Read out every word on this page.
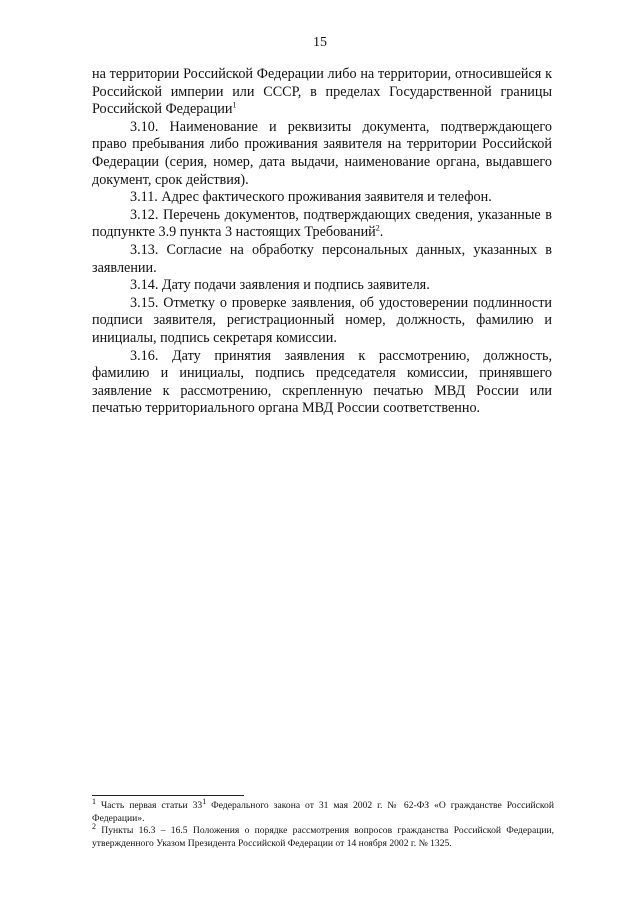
15

на территории Российской Федерации либо на территории, относившейся к Российской империи или СССР, в пределах Государственной границы Российской Федерации$^1$

3.10. Наименование и реквизиты документа, подтверждающего право пребывания либо проживания заявителя на территории Российской Федерации (серия, номер, дата выдачи, наименование органа, выдавшего документ, срок действия).

3.11. Адрес фактического проживания заявителя и телефон.

3.12. Перечень документов, подтверждающих сведения, указанные в подпункте 3.9 пункта 3 настоящих Требований$^2$.

3.13. Согласие на обработку персональных данных, указанных в заявлении.

3.14. Дату подачи заявления и подпись заявителя.

3.15. Отметку о проверке заявления, об удостоверении подлинности подписи заявителя, регистрационный номер, должность, фамилию и инициалы, подпись секретаря комиссии.

3.16. Дату принятия заявления к рассмотрению, должность, фамилию и инициалы, подпись председателя комиссии, принявшего заявление к рассмотрению, скрепленную печатью МВД России или печатью территориального органа МВД России соответственно.

$^1$ Часть первая статьи $33^1$ Федерального закона от 31 мая 2002 г. № 62-ФЗ «О гражданстве Российской Федерации».

$^2$ Пункты 16.3 – 16.5 Положения о порядке рассмотрения вопросов гражданства Российской Федерации, утвержденного Указом Президента Российской Федерации от 14 ноября 2002 г. № 1325.
